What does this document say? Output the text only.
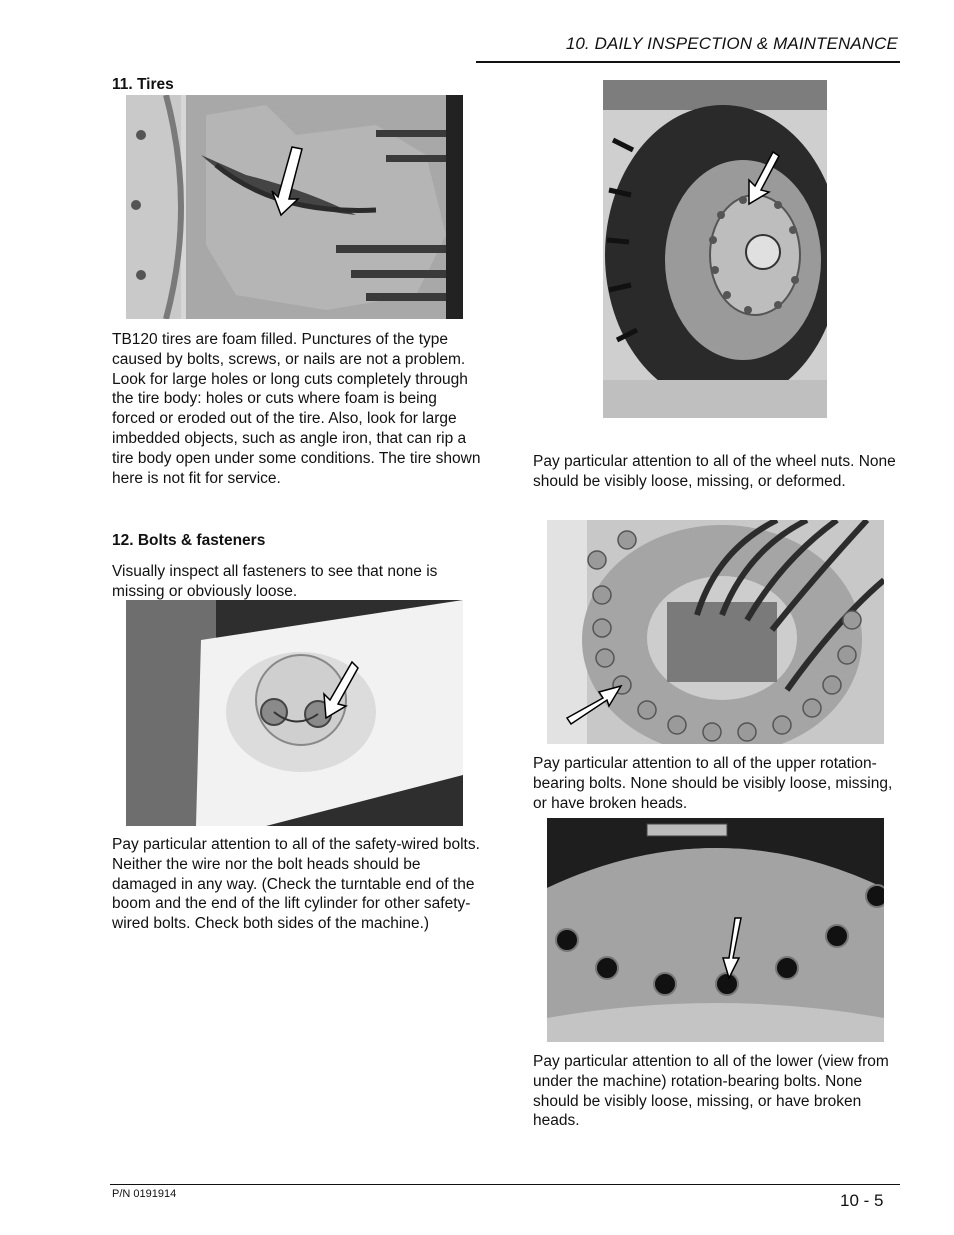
10. DAILY INSPECTION & MAINTENANCE
11. Tires

TB120 tires are foam filled. Punctures of the type caused by bolts, screws, or nails are not a problem. Look for large holes or long cuts completely through the tire body: holes or cuts where foam is being forced or eroded out of the tire. Also, look for large imbedded objects, such as angle iron, that can rip a tire body open under some conditions. The tire shown here is not fit for service.

12. Bolts & fasteners

Visually inspect all fasteners to see that none is missing or obviously loose.

Pay particular attention to all of the safety-wired bolts. Neither the wire nor the bolt heads should be damaged in any way. (Check the turntable end of the boom and the end of the lift cylinder for other safety-wired bolts. Check both sides of the machine.)

Pay particular attention to all of the wheel nuts. None should be visibly loose, missing, or deformed.

Pay particular attention to all of the upper rotation-bearing bolts. None should be visibly loose, missing, or have broken heads.

Pay particular attention to all of the lower (view from under the machine) rotation-bearing bolts. None should be visibly loose, missing, or have broken heads.

P/N 0191914	10 - 5
